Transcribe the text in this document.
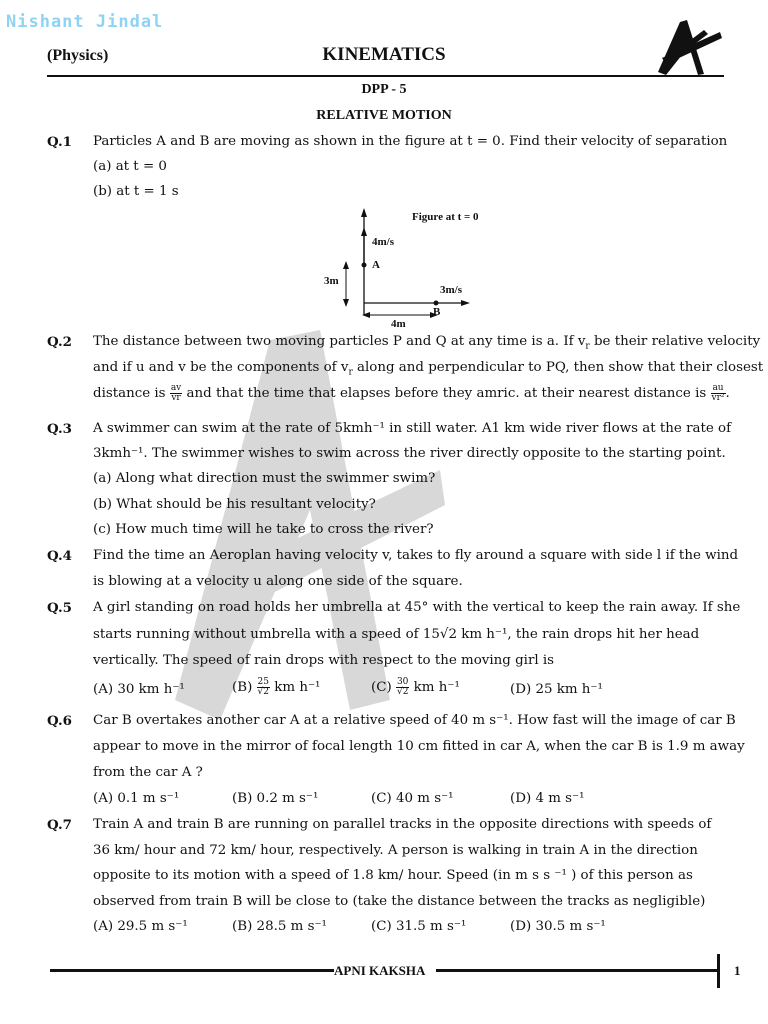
Nishant Jindal
(Physics)	KINEMATICS
DPP - 5
RELATIVE MOTION
Q.1 Particles A and B are moving as shown in the figure at t = 0. Find their velocity of separation
(a) at t = 0
(b) at t = 1 s
Figure at t = 0
4m/s
A
3m
3m/s
B
4m
Q.2 The distance between two moving particles P and Q at any time is a. If $v_r$ be their relative velocity
and if u and v be the components of $v_r$ along and perpendicular to PQ, then show that their closest
distance is $\frac{av}{vr}$ and that the time that elapses before they amric. at their nearest distance is $\frac{au}{\text{vr²}}$ .
Q.3 A swimmer can swim at the rate of 5kmh⁻¹ in still water. A1 km wide river flows at the rate of
3kmh⁻¹. The swimmer wishes to swim across the river directly opposite to the starting point.
(a) Along what direction must the swimmer swim?
(b) What should be his resultant velocity?
(c) How much time will he take to cross the river?
Q.4 Find the time an Aeroplan having velocity v, takes to fly around a square with side l if the wind
is blowing at a velocity u along one side of the square.
Q.5 A girl standing on road holds her umbrella at 45° with the vertical to keep the rain away. If she
starts running without umbrella with a speed of 15√2 km h⁻¹, the rain drops hit her head
vertically. The speed of rain drops with respect to the moving girl is
(A) 30 km h⁻¹	$(B) \frac{25}{√2}$ km h⁻¹	$(C) \frac{30}{√2}$ km h⁻¹	(D) 25 km h⁻¹
Q.6 Car B overtakes another car A at a relative speed of 40 m s⁻¹. How fast will the image of car B
appear to move in the mirror of focal length 10 cm fitted in car A, when the car B is 1.9 m away
from the car A ?
(A) 0.1 m s⁻¹	(B) 0.2 m s⁻¹	(C) 40 m s⁻¹	(D) 4 m s⁻¹
Q.7 Train A and train B are running on parallel tracks in the opposite directions with speeds of
36 km/ hour and 72 km/ hour, respectively. A person is walking in train A in the direction
opposite to its motion with a speed of 1.8 km/ hour. Speed (in m s s ⁻¹ ) of this person as
observed from train B will be close to (take the distance between the tracks as negligible)
(A) 29.5 m s⁻¹	(B) 28.5 m s⁻¹	(C) 31.5 m s⁻¹	(D) 30.5 m s⁻¹
APNI KAKSHA	1
